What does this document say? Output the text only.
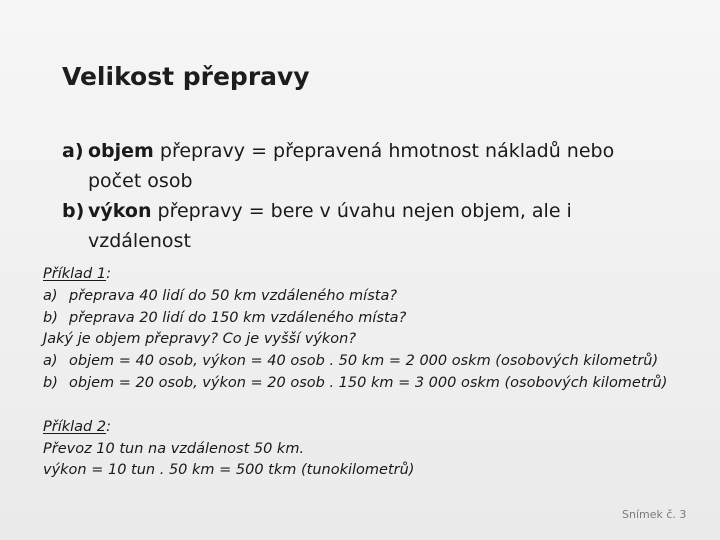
Velikost přepravy
a) objem přepravy = přepravená hmotnost nákladů nebo
počet osob
b) výkon přepravy = bere v úvahu nejen objem, ale i
vzdálenost
Příklad 1:
a) přeprava 40 lidí do 50 km vzdáleného místa?
b) přeprava 20 lidí do 150 km vzdáleného místa?
Jaký je objem přepravy? Co je vyšší výkon?
a) objem = 40 osob, výkon = 40 osob . 50 km = 2 000 oskm (osobových kilometrů)
b) objem = 20 osob, výkon = 20 osob . 150 km = 3 000 oskm (osobových kilometrů)
Příklad 2:
Převoz 10 tun na vzdálenost 50 km.
výkon = 10 tun . 50 km = 500 tkm (tunokilometrů)
Snímek č. 3
